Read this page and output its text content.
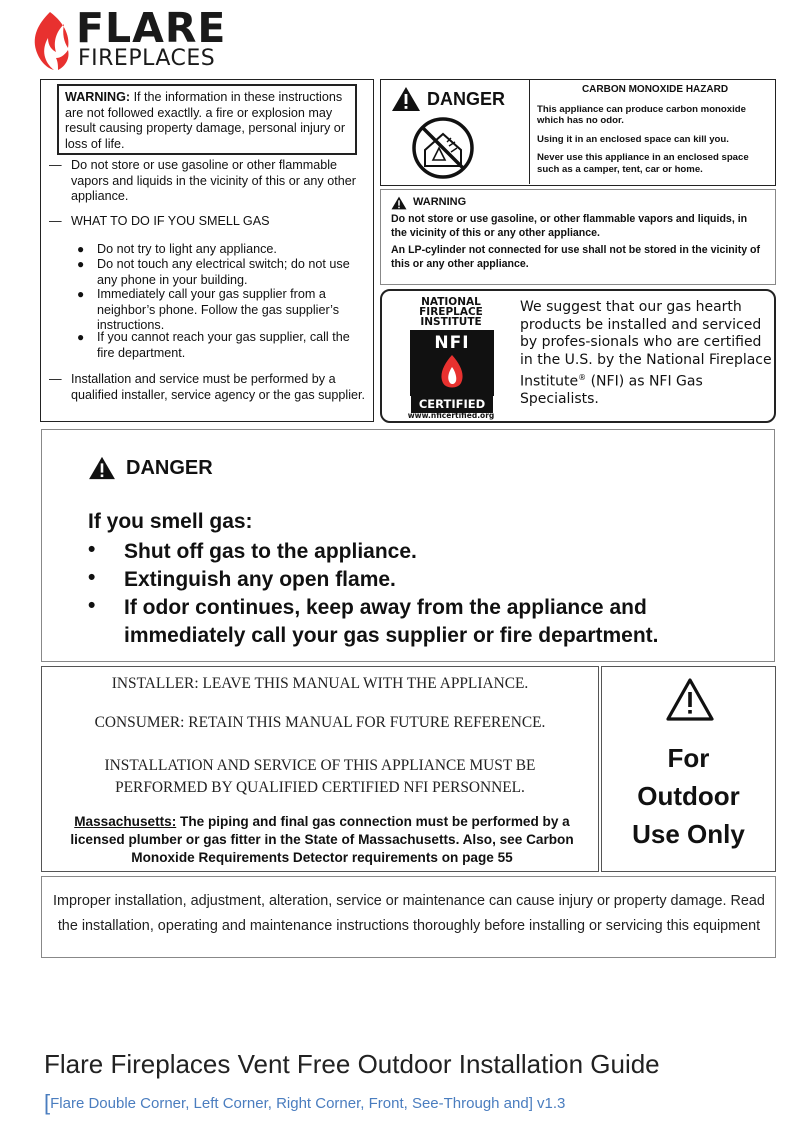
FLARE
FIREPLACES
WARNING: If the information in these instructions are not followed exactlly. a fire or explosion may result causing property damage, personal injury or loss of life.
— Do not store or use gasoline or other flammable vapors and liquids in the vicinity of this or any other appliance.
— WHAT TO DO IF YOU SMELL GAS
● Do not try to light any appliance.
● Do not touch any electrical switch; do not use any phone in your building.
● Immediately call your gas supplier from a neighbor’s phone. Follow the gas supplier’s instructions.
● If you cannot reach your gas supplier, call the fire department.
— Installation and service must be performed by a qualified installer, service agency or the gas supplier.
DANGER	CARBON MONOXIDE HAZARD

This appliance can produce carbon monoxide which has no odor.

Using it in an enclosed space can kill you.

Never use this appliance in an enclosed space such as a camper, tent, car or home.

WARNING

Do not store or use gasoline, or other flammable vapors and liquids, in the vicinity of this or any other appliance.

An LP-cylinder not connected for use shall not be stored in the vicinity of this or any other appliance.

NATIONAL
FIREPLACE
INSTITUTE
NFI
CERTIFIED
www.nficertified.org
We suggest that our gas hearth products be installed and serviced by profes-sionals who are certified in the U.S. by the National Fireplace Institute® (NFI) as NFI Gas Specialists.
DANGER
If you smell gas:
• Shut off gas to the appliance.
• Extinguish any open flame.
• If odor continues, keep away from the appliance and immediately call your gas supplier or fire department.
INSTALLER: LEAVE THIS MANUAL WITH THE APPLIANCE.
CONSUMER: RETAIN THIS MANUAL FOR FUTURE REFERENCE.
INSTALLATION AND SERVICE OF THIS APPLIANCE MUST BE
PERFORMED BY QUALIFIED CERTIFIED NFI PERSONNEL.
Massachusetts: The piping and final gas connection must be performed by a licensed plumber or gas fitter in the State of Massachusetts. Also, see Carbon Monoxide Requirements Detector requirements on page 55
For
Outdoor
Use Only
Improper installation, adjustment, alteration, service or maintenance can cause injury or property damage. Read the installation, operating and maintenance instructions thoroughly before installing or servicing this equipment
Flare Fireplaces Vent Free Outdoor Installation Guide
[Flare Double Corner, Left Corner, Right Corner, Front, See-Through and] v1.3
